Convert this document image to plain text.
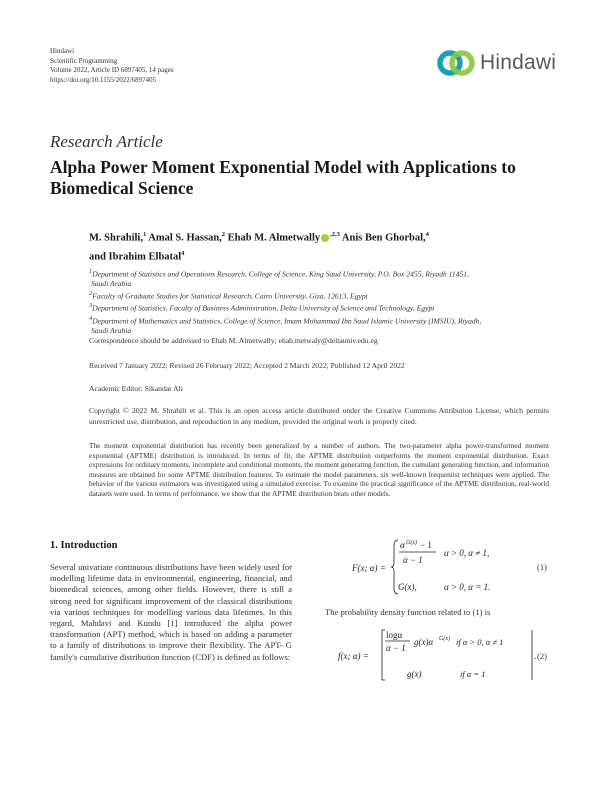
Hindawi
Scientific Programming
Volume 2022, Article ID 6897405, 14 pages
https://doi.org/10.1155/2022/6897405
Hindawi
Research Article
Alpha Power Moment Exponential Model with Applications to Biomedical Science
M. Shrahili,$^1$ Amal S. Hassan,$^2$ Ehab M. Almetwally $^{,2,3}$ Anis Ben Ghorbal,$^4$
and Ibrahim Elbatal$^4$
$^1$Department of Statistics and Operations Research, College of Science, King Saud University, P.O. Box 2455, Riyadh 11451,
Saudi Arabia
$^2$Faculty of Graduate Studies for Statistical Research, Cairo University, Giza, 12613, Egypt
$^3$Department of Statistics, Faculty of Business Administration, Delta University of Science and Technology, Egypt
$^4$Department of Mathematics and Statistics, College of Science, Imam Mohammad Ibn Saud Islamic University (IMSIU), Riyadh,
Saudi Arabia
Correspondence should be addressed to Ehab M. Almetwally; ehab.metwaly@deltauniv.edu.eg
Received 7 January 2022; Revised 26 February 2022; Accepted 2 March 2022; Published 12 April 2022
Academic Editor: Sikandar Ali
Copyright © 2022 M. Shrahili et al. This is an open access article distributed under the Creative Commons Attribution License, which permits unrestricted use, distribution, and reproduction in any medium, provided the original work is properly cited.
The moment exponential distribution has recently been generalized by a number of authors. The two-parameter alpha power-transformed moment exponential (APTME) distribution is introduced. In terms of fit, the APTME distribution outperforms the moment exponential distribution. Exact expressions for ordinary moments, incomplete and conditional moments, the moment generating function, the cumulant generating function, and information measures are obtained for some APTME distribution features. To estimate the model parameters, six well-known frequentist techniques were applied. The behavior of the various estimators was investigated using a simulated exercise. To examine the practical significance of the APTME distribution, real-world datasets were used. In terms of performance, we show that the APTME distribution beats other models.
1. Introduction
Several univariate continuous distributions have been widely used for modelling lifetime data in environmental, engineering, financial, and biomedical sciences, among other fields. However, there is still a strong need for significant improvement of the classical distributions via various techniques for modelling various data lifetimes. In this regard, Mahdavi and Kundu [1] introduced the alpha power transformation (APT) method, which is based on adding a parameter to a family of distributions to improve their flexibility. The APT- G family's cumulative distribution function (CDF) is defined as follows:
F(x; α) =
α G(x) − 1
α − 1
α > 0, α ≠ 1,
G(x),	α > 0, α = 1.
(1)
The probability density function related to (1) is
f(x; α) =
logα
α − 1
g(x)α G(x) if α > 0, α ≠ 1
g(x)	if α = 1
. (2)
